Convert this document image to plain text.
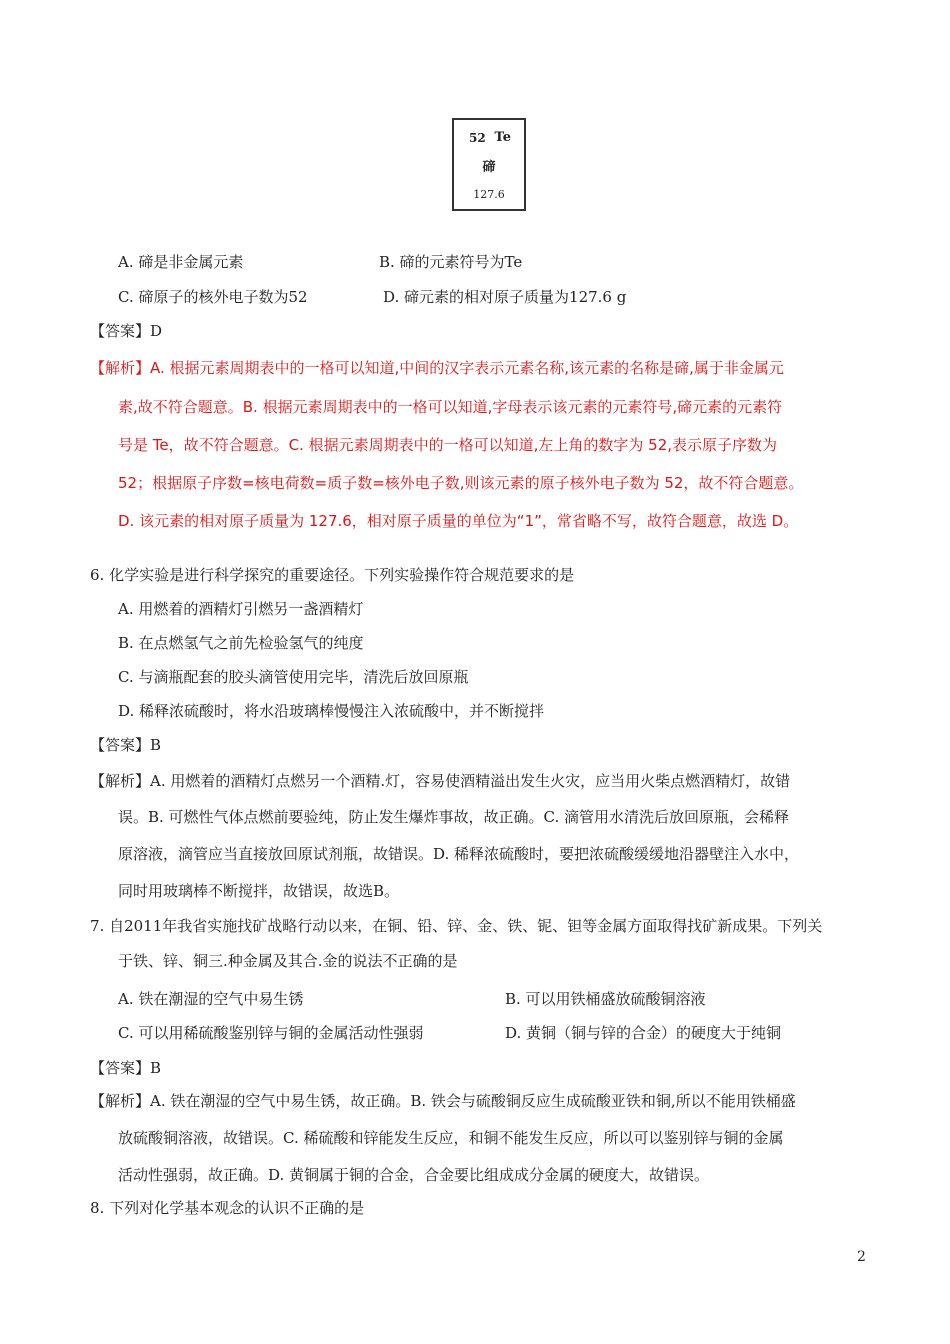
52 Te
碲
127.6
A. 碲是非金属元素	B. 碲的元素符号为Te
C. 碲原子的核外电子数为52	D. 碲元素的相对原子质量为127.6 g
【答案】D
【解析】A. 根据元素周期表中的一格可以知道,中间的汉字表示元素名称,该元素的名称是碲,属于非金属元
素,故不符合题意。B. 根据元素周期表中的一格可以知道,字母表示该元素的元素符号,碲元素的元素符
号是 Te，故不符合题意。C. 根据元素周期表中的一格可以知道,左上角的数字为 52,表示原子序数为
52；根据原子序数=核电荷数=质子数=核外电子数,则该元素的原子核外电子数为 52，故不符合题意。
D. 该元素的相对原子质量为 127.6，相对原子质量的单位为“1”，常省略不写，故符合题意，故选 D。
6. 化学实验是进行科学探究的重要途径。下列实验操作符合规范要求的是
A. 用燃着的酒精灯引燃另一盏酒精灯
B. 在点燃氢气之前先检验氢气的纯度
C. 与滴瓶配套的胶头滴管使用完毕，清洗后放回原瓶
D. 稀释浓硫酸时，将水沿玻璃棒慢慢注入浓硫酸中，并不断搅拌
【答案】B
【解析】A. 用燃着的酒精灯点燃另一个酒精.灯，容易使酒精溢出发生火灾，应当用火柴点燃酒精灯，故错
误。B. 可燃性气体点燃前要验纯，防止发生爆炸事故，故正确。C. 滴管用水清洗后放回原瓶，会稀释
原溶液，滴管应当直接放回原试剂瓶，故错误。D. 稀释浓硫酸时，要把浓硫酸缓缓地沿器壁注入水中，
同时用玻璃棒不断搅拌，故错误，故选B。
7. 自2011年我省实施找矿战略行动以来，在铜、铅、锌、金、铁、铌、钽等金属方面取得找矿新成果。下列关
于铁、锌、铜三.种金属及其合.金的说法不正确的是
A. 铁在潮湿的空气中易生锈	B. 可以用铁桶盛放硫酸铜溶液
C. 可以用稀硫酸鉴别锌与铜的金属活动性强弱	D. 黄铜（铜与锌的合金）的硬度大于纯铜
【答案】B
【解析】A. 铁在潮湿的空气中易生锈，故正确。B. 铁会与硫酸铜反应生成硫酸亚铁和铜,所以不能用铁桶盛
放硫酸铜溶液，故错误。C. 稀硫酸和锌能发生反应，和铜不能发生反应，所以可以鉴别锌与铜的金属
活动性强弱，故正确。D. 黄铜属于铜的合金，合金要比组成成分金属的硬度大，故错误。
8. 下列对化学基本观念的认识不正确的是
2
